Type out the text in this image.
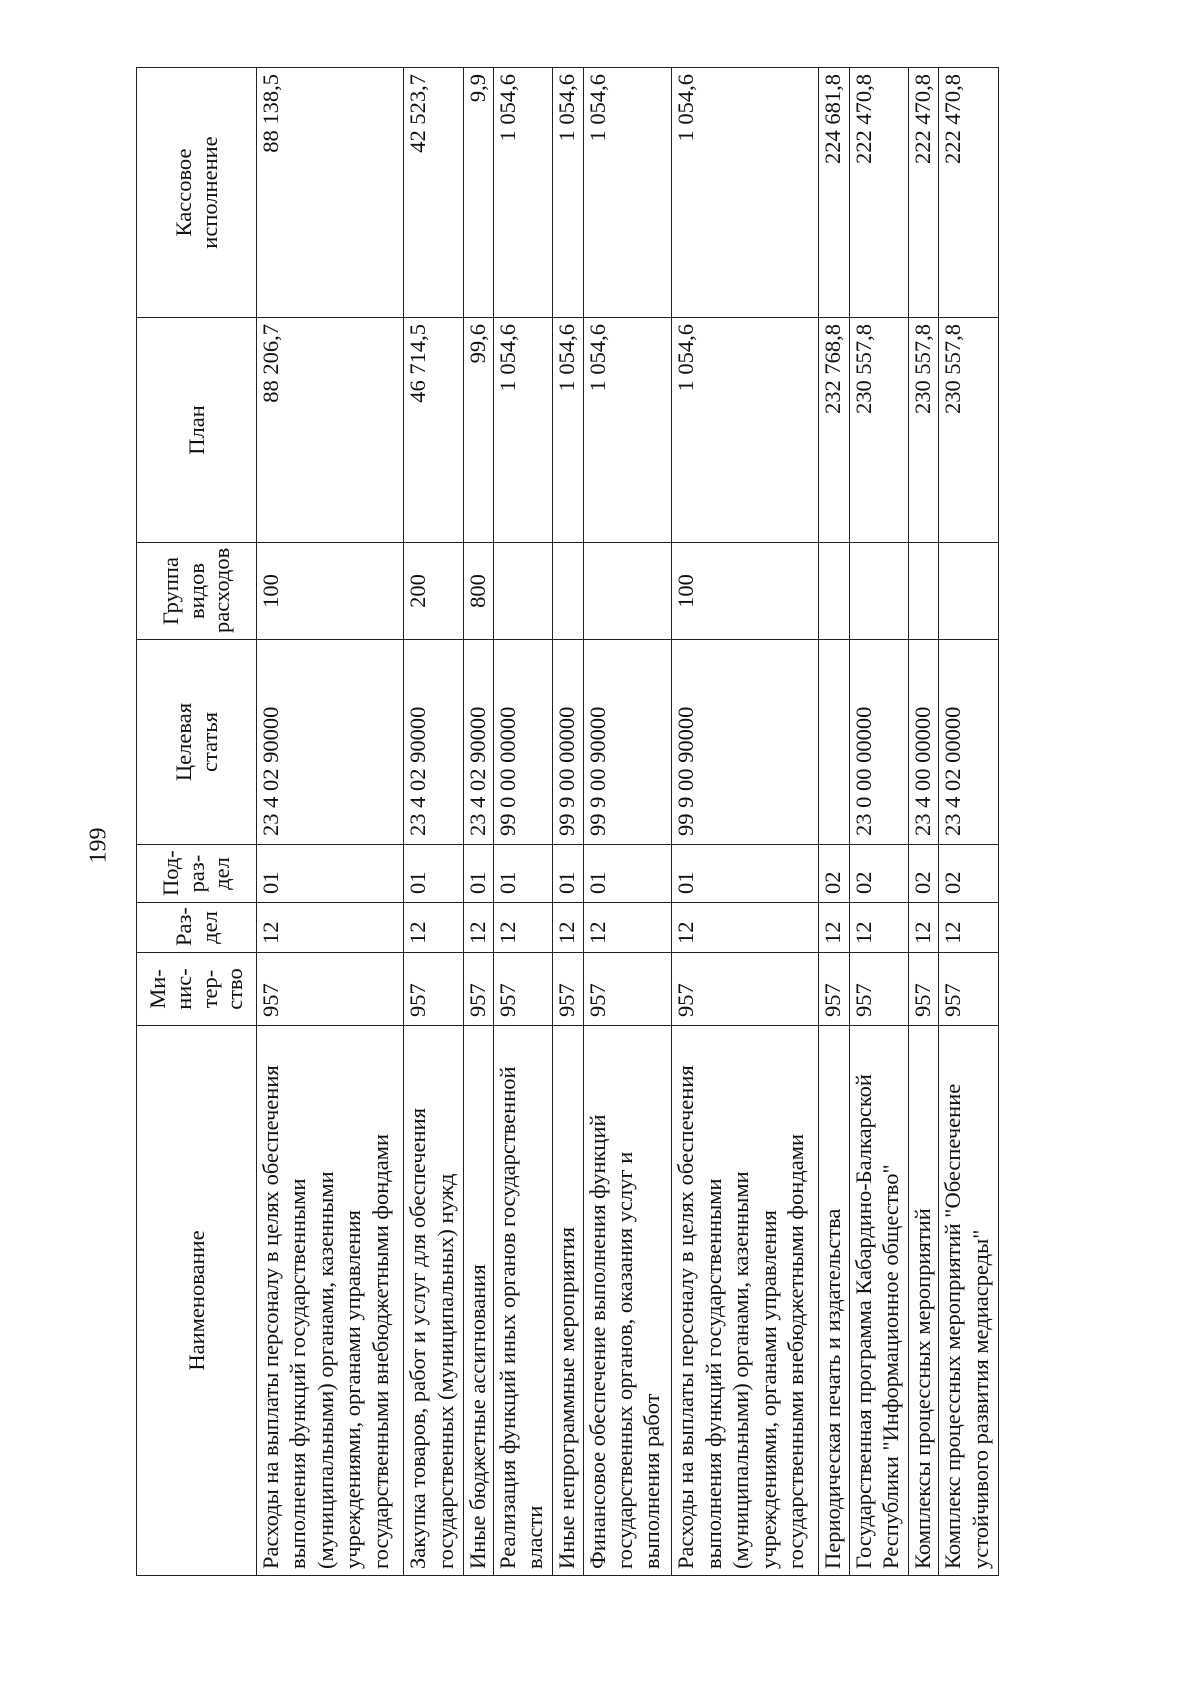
199
Наименование	Ми-
нис-
тер-
ство	Раз-
дел	Под-
раз-
дел	Целевая
статья	Группа
видов
расходов	План	Кассовое
исполнение

Расходы на выплаты персоналу в целях обеспечения выполнения функций государственными (муниципальными) органами, казенными учреждениями, органами управления государственными внебюджетными фондами	957	12	01	23 4 02 90000	100	88 206,7	88 138,5
Закупка товаров, работ и услуг для обеспечения государственных (муниципальных) нужд	957	12	01	23 4 02 90000	200	46 714,5	42 523,7
Иные бюджетные ассигнования	957	12	01	23 4 02 90000	800	99,6	9,9
Реализация функций иных органов государственной власти	957	12	01	99 0 00 00000		1 054,6	1 054,6
Иные непрограммные мероприятия	957	12	01	99 9 00 00000		1 054,6	1 054,6
Финансовое обеспечение выполнения функций государственных органов, оказания услуг и выполнения работ	957	12	01	99 9 00 90000		1 054,6	1 054,6
Расходы на выплаты персоналу в целях обеспечения выполнения функций государственными (муниципальными) органами, казенными учреждениями, органами управления государственными внебюджетными фондами	957	12	01	99 9 00 90000	100	1 054,6	1 054,6
Периодическая печать и издательства	957	12	02			232 768,8	224 681,8
Государственная программа Кабардино-Балкарской Республики "Информационное общество"	957	12	02	23 0 00 00000		230 557,8	222 470,8
Комплексы процессных мероприятий	957	12	02	23 4 00 00000		230 557,8	222 470,8
Комплекс процессных мероприятий "Обеспечение устойчивого развития медиасреды"	957	12	02	23 4 02 00000		230 557,8	222 470,8
